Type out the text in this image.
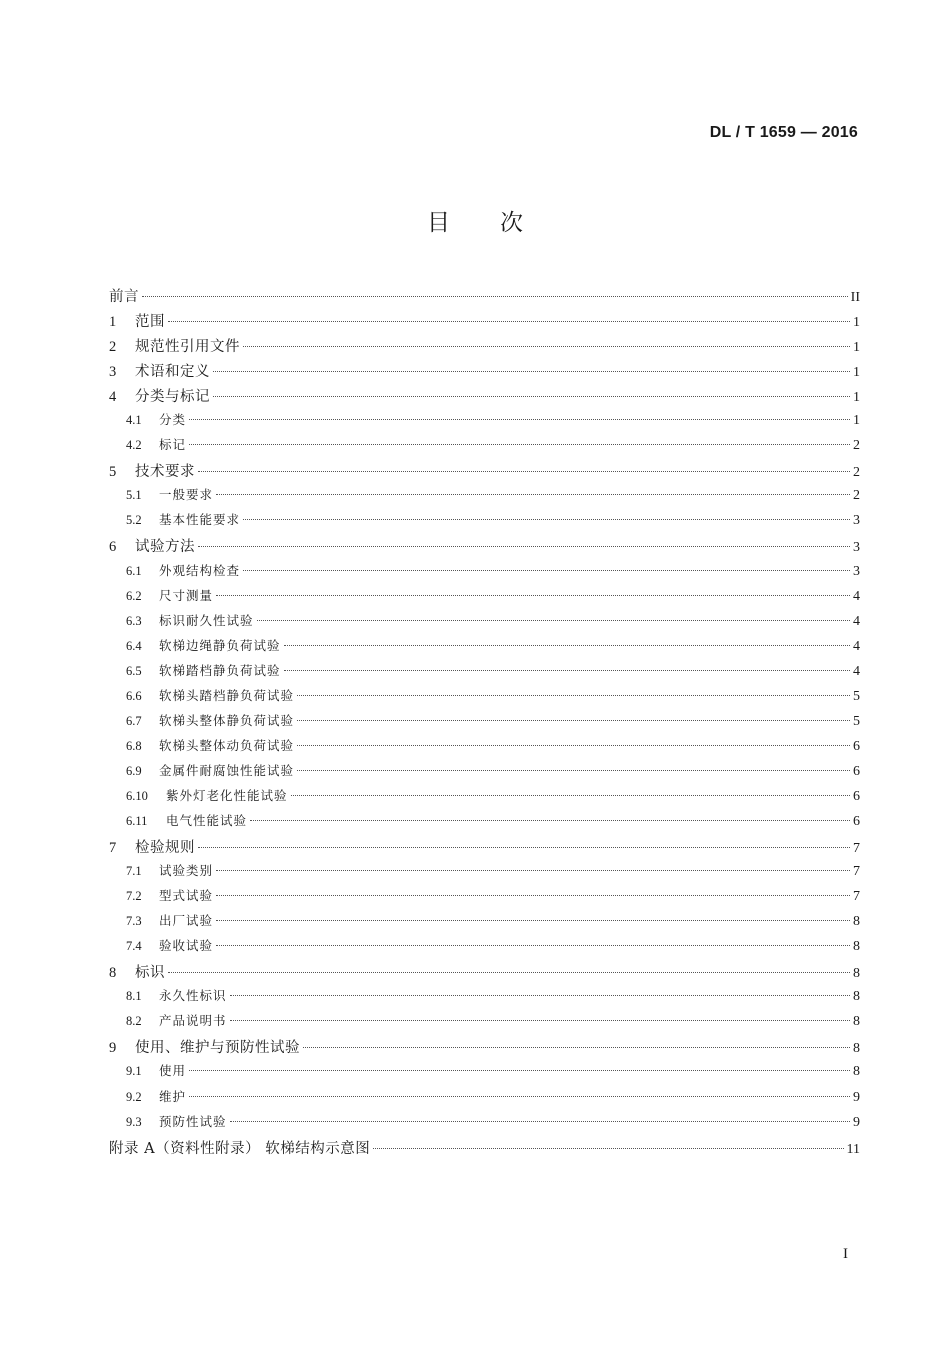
DL / T 1659 — 2016
目 次
前言	II
1	范围	1
2	规范性引用文件	1
3	术语和定义	1
4	分类与标记	1
4.1	分类	1
4.2	标记	2
5	技术要求	2
5.1	一般要求	2
5.2	基本性能要求	3
6	试验方法	3
6.1	外观结构检查	3
6.2	尺寸测量	4
6.3	标识耐久性试验	4
6.4	软梯边绳静负荷试验	4
6.5	软梯踏档静负荷试验	4
6.6	软梯头踏档静负荷试验	5
6.7	软梯头整体静负荷试验	5
6.8	软梯头整体动负荷试验	6
6.9	金属件耐腐蚀性能试验	6
6.10	紫外灯老化性能试验	6
6.11	电气性能试验	6
7	检验规则	7
7.1	试验类别	7
7.2	型式试验	7
7.3	出厂试验	8
7.4	验收试验	8
8	标识	8
8.1	永久性标识	8
8.2	产品说明书	8
9	使用、维护与预防性试验	8
9.1	使用	8
9.2	维护	9
9.3	预防性试验	9
附录 A（资料性附录） 软梯结构示意图	11
I
